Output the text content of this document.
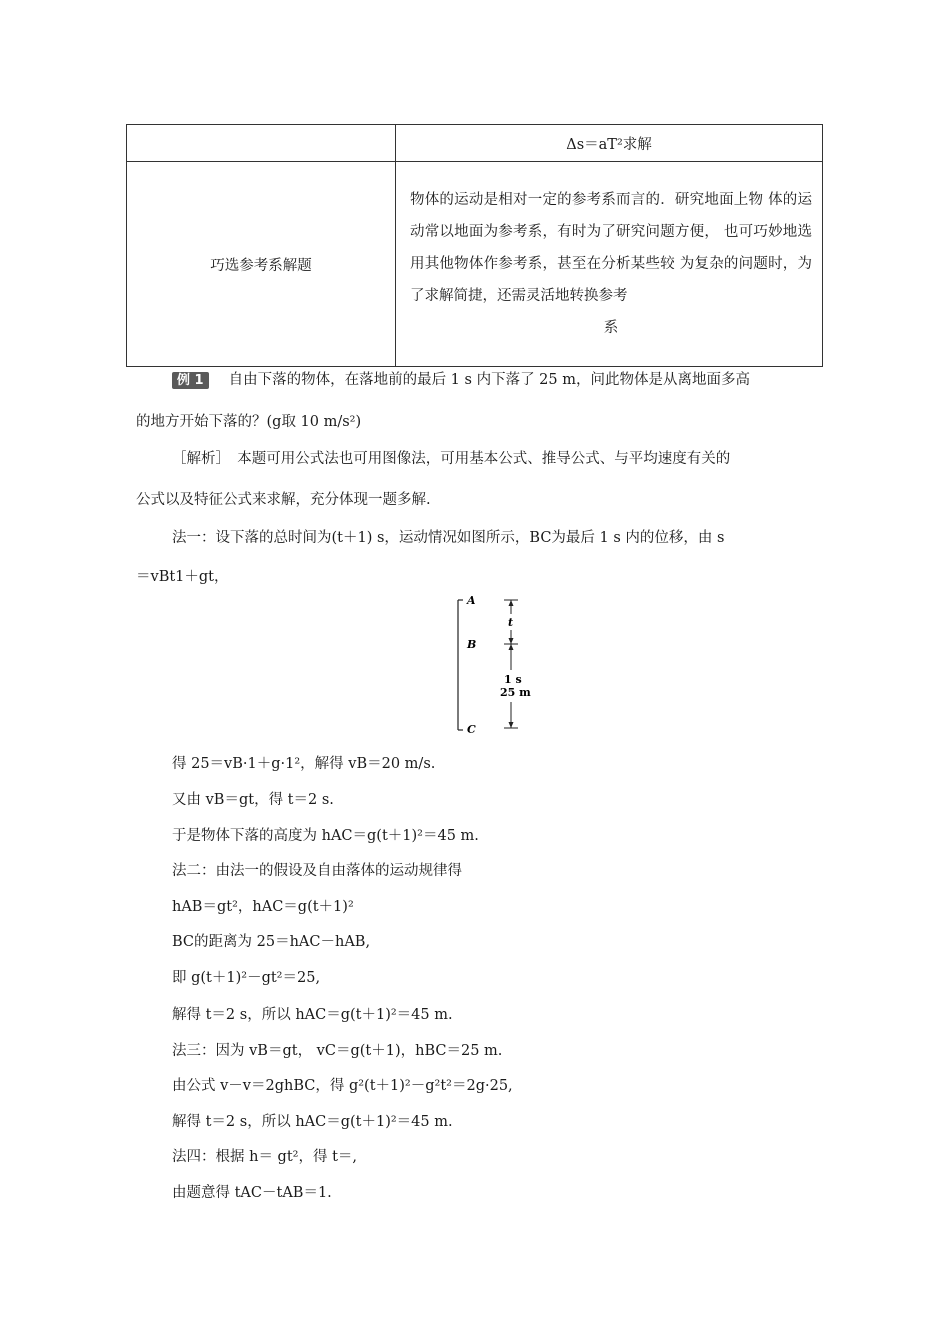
	Δs＝aT²求解
巧选参考系解题	物体的运动是相对一定的参考系而言的．研究地面上物 体的运动常以地面为参考系，有时为了研究问题方便， 也可巧妙地选用其他物体作参考系，甚至在分析某些较 为复杂的问题时，为了求解简捷，还需灵活地转换参考
系
例 1 自由下落的物体，在落地前的最后 1 s 内下落了 25 m，问此物体是从离地面多高
的地方开始下落的？(g取 10 m/s²)
［解析］　本题可用公式法也可用图像法，可用基本公式、推导公式、与平均速度有关的
公式以及特征公式来求解，充分体现一题多解.
法一：设下落的总时间为(t＋1) s，运动情况如图所示，BC为最后 1 s 内的位移，由 s
＝vBt1＋gt，
A
B
C
t
1 s
25 m
得 25＝vB·1＋g·1²，解得 vB＝20 m/s.
又由 vB＝gt，得 t＝2 s.
于是物体下落的高度为 hAC＝g(t＋1)²＝45 m.
法二：由法一的假设及自由落体的运动规律得
hAB＝gt²，hAC＝g(t＋1)²
BC的距离为 25＝hAC－hAB,
即 g(t＋1)²－gt²＝25,
解得 t＝2 s，所以 hAC＝g(t＋1)²＝45 m.
法三：因为 vB＝gt， vC＝g(t＋1)，hBC＝25 m.
由公式 v－v＝2ghBC，得 g²(t＋1)²－g²t²＝2g·25,
解得 t＝2 s，所以 hAC＝g(t＋1)²＝45 m.
法四：根据 h＝ gt²，得 t＝,
由题意得 tAC－tAB＝1.
